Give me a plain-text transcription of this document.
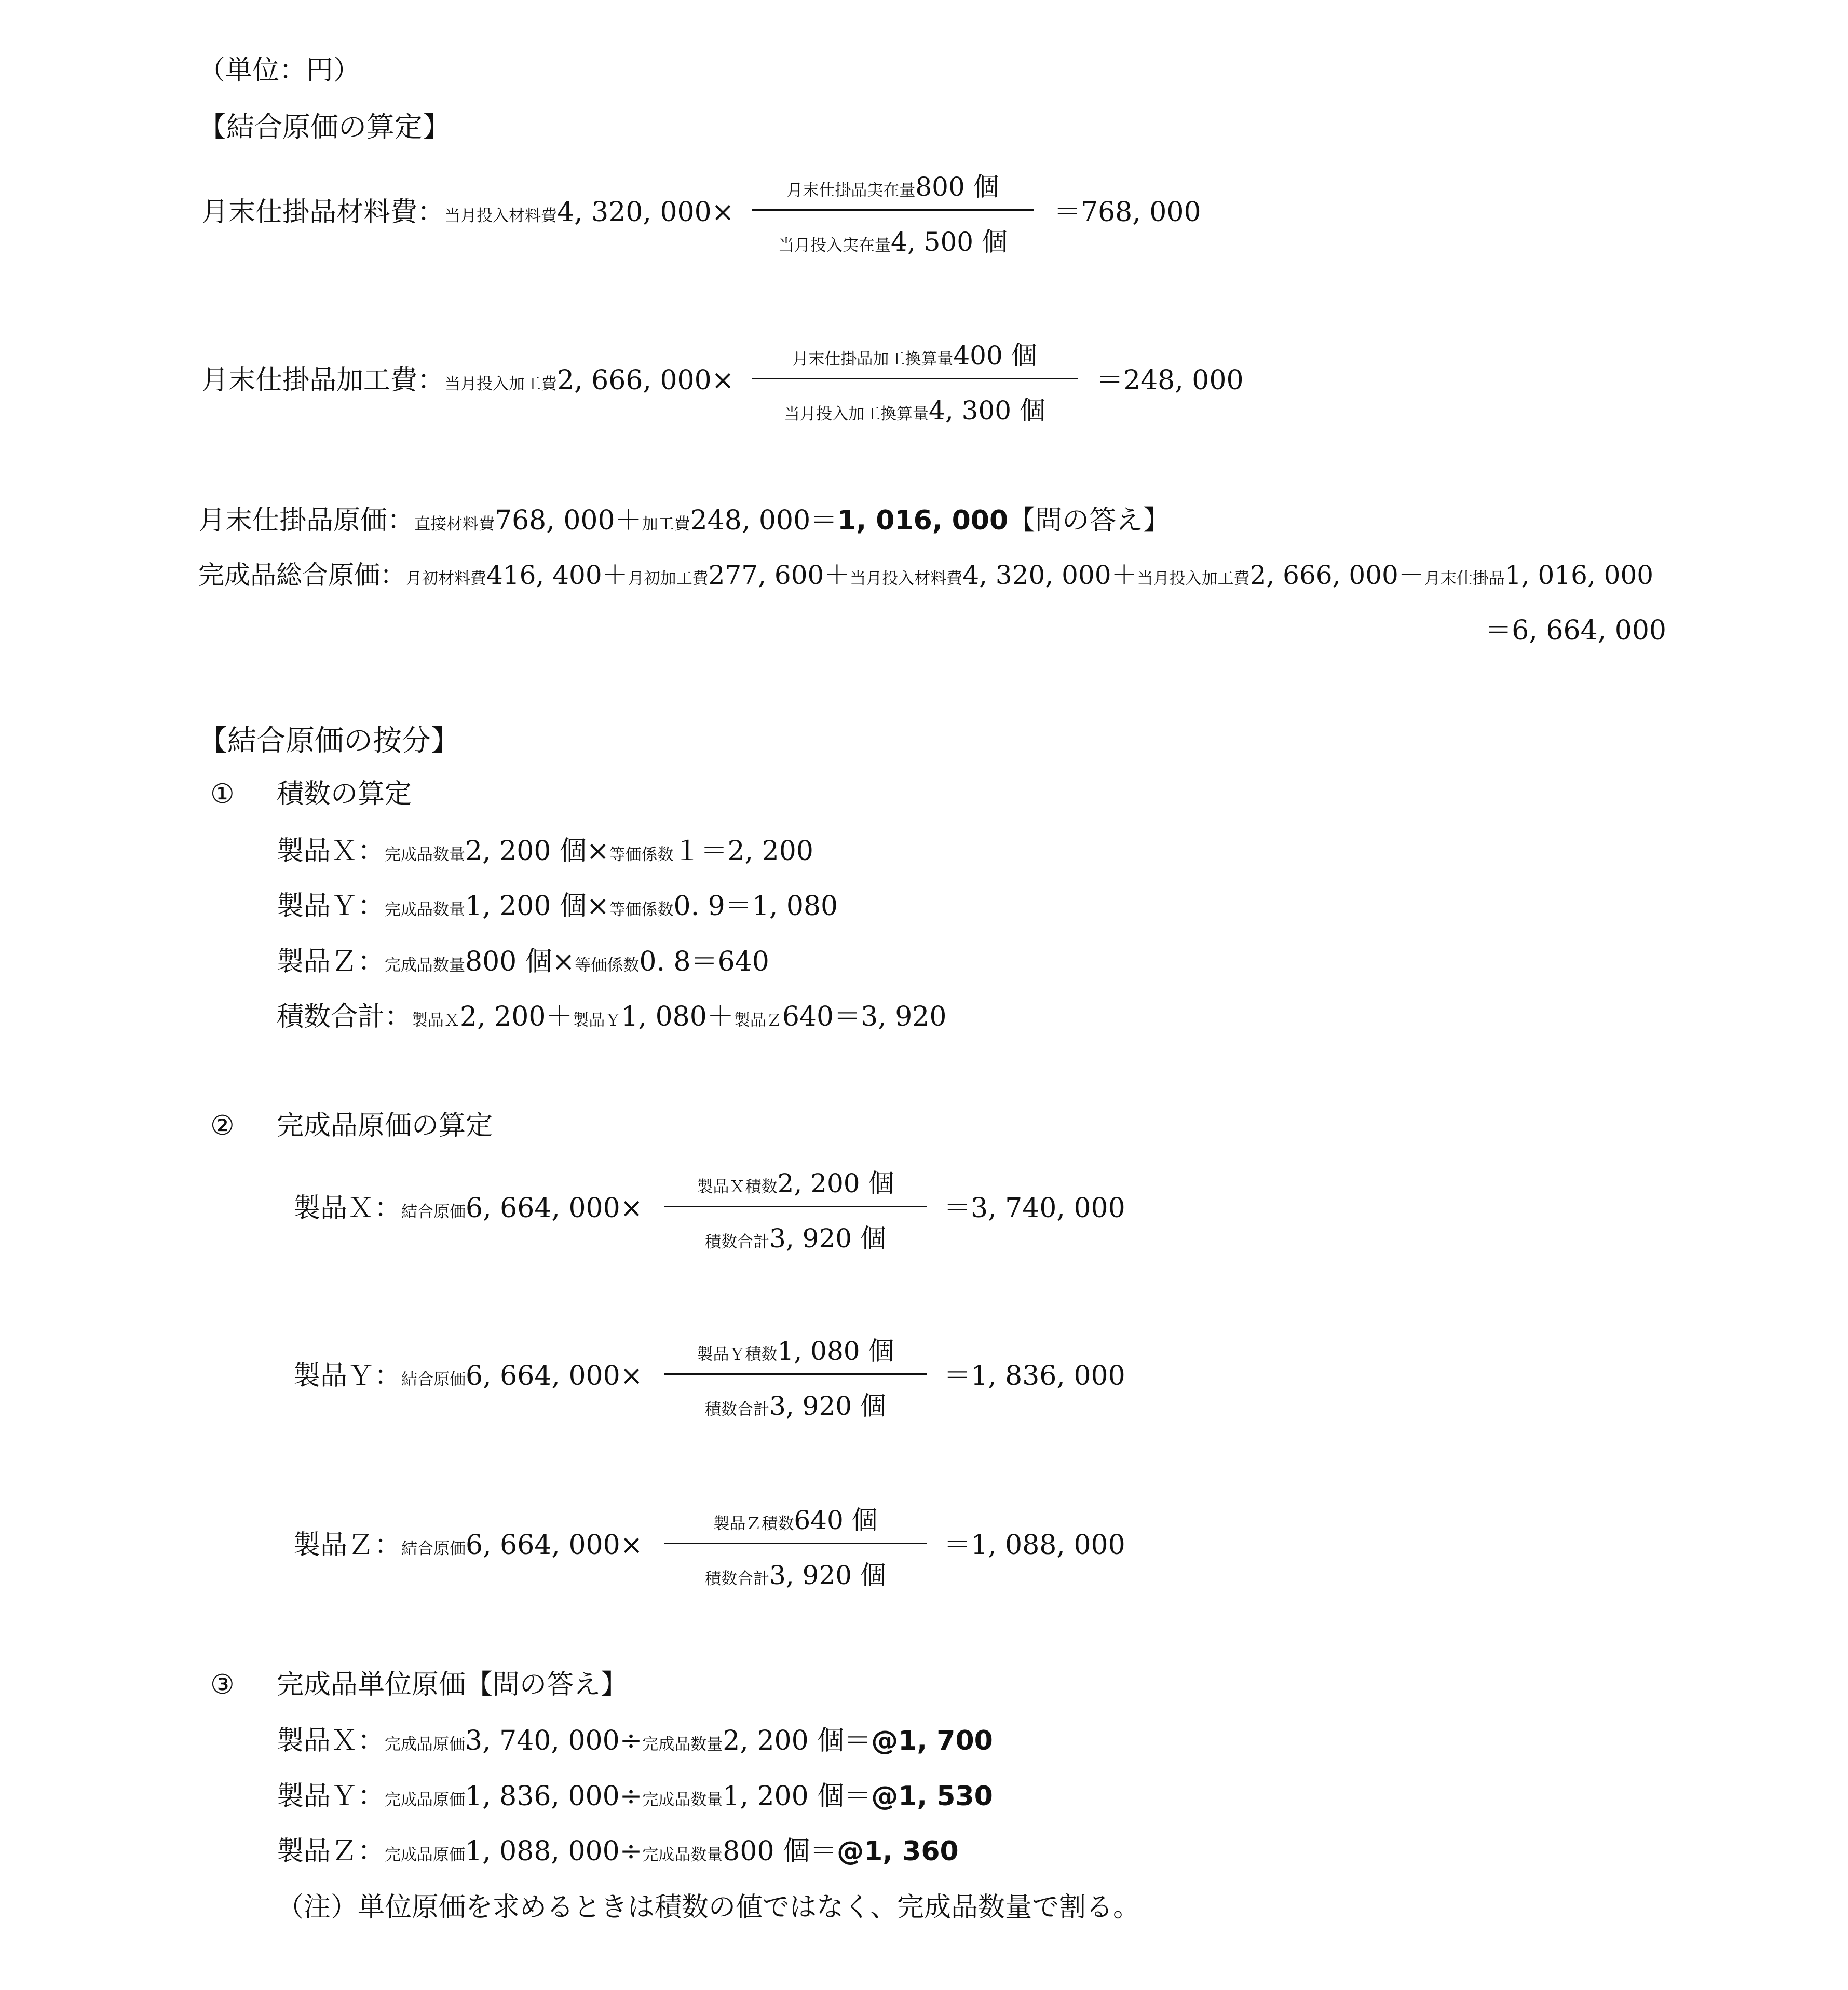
（単位：円）
【結合原価の算定】
月末仕掛品材料費：当月投入材料費4, 320, 000×
月末仕掛品実在量800 個
当月投入実在量4, 500 個
＝768, 000
月末仕掛品加工費：当月投入加工費2, 666, 000×
月末仕掛品加工換算量400 個
当月投入加工換算量4, 300 個
＝248, 000
月末仕掛品原価：直接材料費768, 000＋加工費248, 000＝1, 016, 000【問の答え】
完成品総合原価：月初材料費416, 400＋月初加工費277, 600＋当月投入材料費4, 320, 000＋当月投入加工費2, 666, 000－月末仕掛品1, 016, 000
＝6, 664, 000
【結合原価の按分】
① 積数の算定
製品Ｘ：完成品数量2, 200 個×等価係数１＝2, 200
製品Ｙ：完成品数量1, 200 個×等価係数0. 9＝1, 080
製品Ｚ：完成品数量800 個×等価係数0. 8＝640
積数合計：製品Ｘ2, 200＋製品Ｙ1, 080＋製品Ｚ640＝3, 920
② 完成品原価の算定
製品Ｘ：結合原価6, 664, 000×
製品Ｘ積数2, 200 個
積数合計3, 920 個
＝3, 740, 000
製品Ｙ：結合原価6, 664, 000×
製品Ｙ積数1, 080 個
積数合計3, 920 個
＝1, 836, 000
製品Ｚ：結合原価6, 664, 000×
製品Ｚ積数640 個
積数合計3, 920 個
＝1, 088, 000
③ 完成品単位原価【問の答え】
製品Ｘ：完成品原価3, 740, 000÷完成品数量2, 200 個＝@1, 700
製品Ｙ：完成品原価1, 836, 000÷完成品数量1, 200 個＝@1, 530
製品Ｚ：完成品原価1, 088, 000÷完成品数量800 個＝@1, 360
（注）単位原価を求めるときは積数の値ではなく、完成品数量で割る。
